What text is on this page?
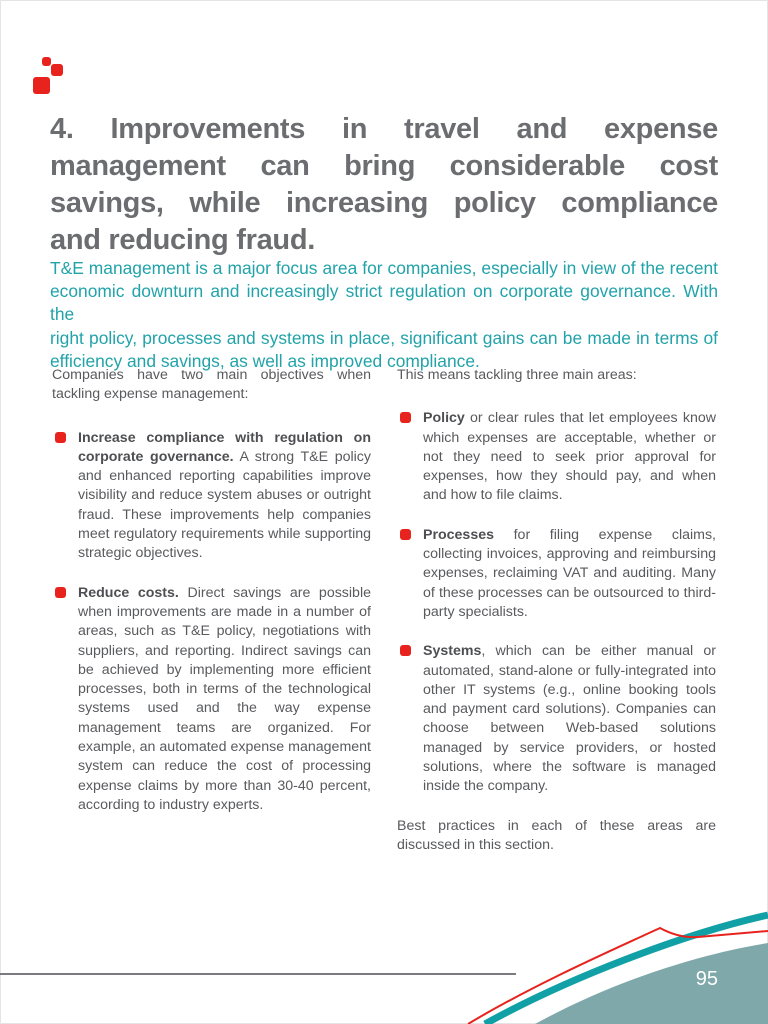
4. Improvements in travel and expense
management can bring considerable cost
savings, while increasing policy compliance
and reducing fraud.
T&E management is a major focus area for companies, especially in view of the recent
economic downturn and increasingly strict regulation on corporate governance. With the
right policy, processes and systems in place, significant gains can be made in terms of
efficiency and savings, as well as improved compliance.

Companies have two main objectives when tackling expense management:

Increase compliance with regulation on corporate governance. A strong T&E policy and enhanced reporting capabilities improve visibility and reduce system abuses or outright fraud. These improvements help companies meet regulatory requirements while supporting strategic objectives.

Reduce costs. Direct savings are possible when improvements are made in a number of areas, such as T&E policy, negotiations with suppliers, and reporting. Indirect savings can be achieved by implementing more efficient processes, both in terms of the technological systems used and the way expense management teams are organized. For example, an automated expense management system can reduce the cost of processing expense claims by more than 30-40 percent, according to industry experts.

This means tackling three main areas:

Policy or clear rules that let employees know which expenses are acceptable, whether or not they need to seek prior approval for expenses, how they should pay, and when and how to file claims.

Processes for filing expense claims, collecting invoices, approving and reimbursing expenses, reclaiming VAT and auditing. Many of these processes can be outsourced to third-party specialists.

Systems, which can be either manual or automated, stand-alone or fully-integrated into other IT systems (e.g., online booking tools and payment card solutions). Companies can choose between Web-based solutions managed by service providers, or hosted solutions, where the software is managed inside the company.

Best practices in each of these areas are discussed in this section.

95
